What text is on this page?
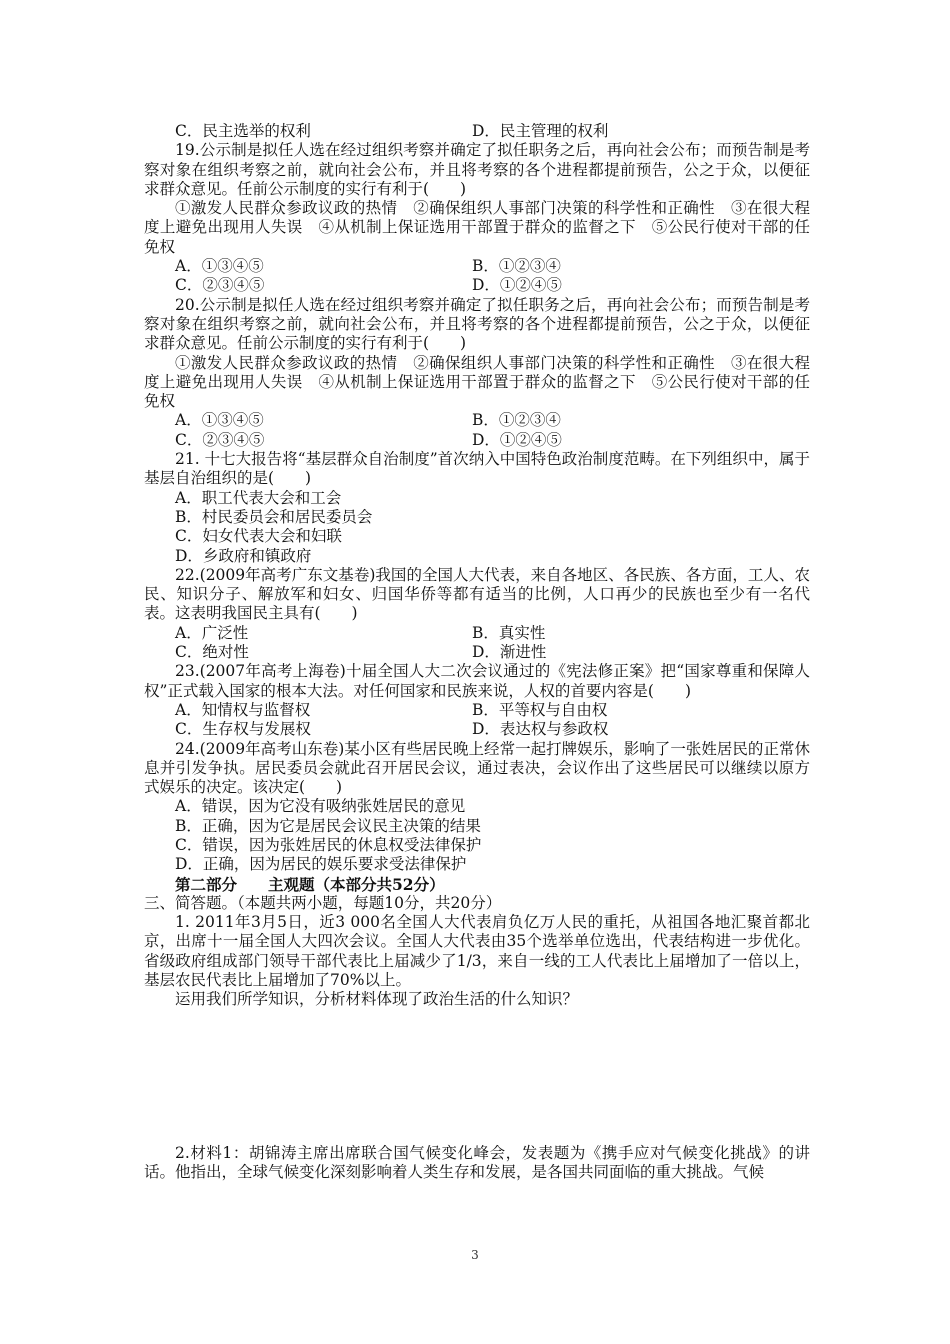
C．民主选举的权利	D．民主管理的权利

19.公示制是拟任人选在经过组织考察并确定了拟任职务之后，再向社会公布；而预告制是考察对象在组织考察之前，就向社会公布，并且将考察的各个进程都提前预告，公之于众，以便征求群众意见。任前公示制度的实行有利于(　　)

①激发人民群众参政议政的热情　②确保组织人事部门决策的科学性和正确性　③在很大程度上避免出现用人失误　④从机制上保证选用干部置于群众的监督之下　⑤公民行使对干部的任免权

A．①③④⑤	B．①②③④
C．②③④⑤	D．①②④⑤

20.公示制是拟任人选在经过组织考察并确定了拟任职务之后，再向社会公布；而预告制是考察对象在组织考察之前，就向社会公布，并且将考察的各个进程都提前预告，公之于众，以便征求群众意见。任前公示制度的实行有利于(　　)

①激发人民群众参政议政的热情　②确保组织人事部门决策的科学性和正确性　③在很大程度上避免出现用人失误　④从机制上保证选用干部置于群众的监督之下　⑤公民行使对干部的任免权

A．①③④⑤	B．①②③④
C．②③④⑤	D．①②④⑤

21. 十七大报告将“基层群众自治制度”首次纳入中国特色政治制度范畴。在下列组织中，属于基层自治组织的是(　　)

A．职工代表大会和工会

B．村民委员会和居民委员会

C．妇女代表大会和妇联

D．乡政府和镇政府

22.(2009年高考广东文基卷)我国的全国人大代表，来自各地区、各民族、各方面，工人、农民、知识分子、解放军和妇女、归国华侨等都有适当的比例，人口再少的民族也至少有一名代表。这表明我国民主具有(　　)

A．广泛性	B．真实性
C．绝对性	D．渐进性

23.(2007年高考上海卷)十届全国人大二次会议通过的《宪法修正案》把“国家尊重和保障人权”正式载入国家的根本大法。对任何国家和民族来说，人权的首要内容是(　　)

A．知情权与监督权	B．平等权与自由权
C．生存权与发展权	D．表达权与参政权

24.(2009年高考山东卷)某小区有些居民晚上经常一起打牌娱乐，影响了一张姓居民的正常休息并引发争执。居民委员会就此召开居民会议，通过表决，会议作出了这些居民可以继续以原方式娱乐的决定。该决定(　　)

A．错误，因为它没有吸纳张姓居民的意见

B．正确，因为它是居民会议民主决策的结果

C．错误，因为张姓居民的休息权受法律保护

D．正确，因为居民的娱乐要求受法律保护

第二部分　　主观题（本部分共52分）

三、简答题。（本题共两小题，每题10分，共20分）

1. 2011年3月5日，近3 000名全国人大代表肩负亿万人民的重托，从祖国各地汇聚首都北京，出席十一届全国人大四次会议。全国人大代表由35个选举单位选出，代表结构进一步优化。省级政府组成部门领导干部代表比上届减少了1/3，来自一线的工人代表比上届增加了一倍以上，基层农民代表比上届增加了70%以上。

运用我们所学知识，分析材料体现了政治生活的什么知识？

2.材料1：胡锦涛主席出席联合国气候变化峰会，发表题为《携手应对气候变化挑战》的讲话。他指出，全球气候变化深刻影响着人类生存和发展，是各国共同面临的重大挑战。气候

3
